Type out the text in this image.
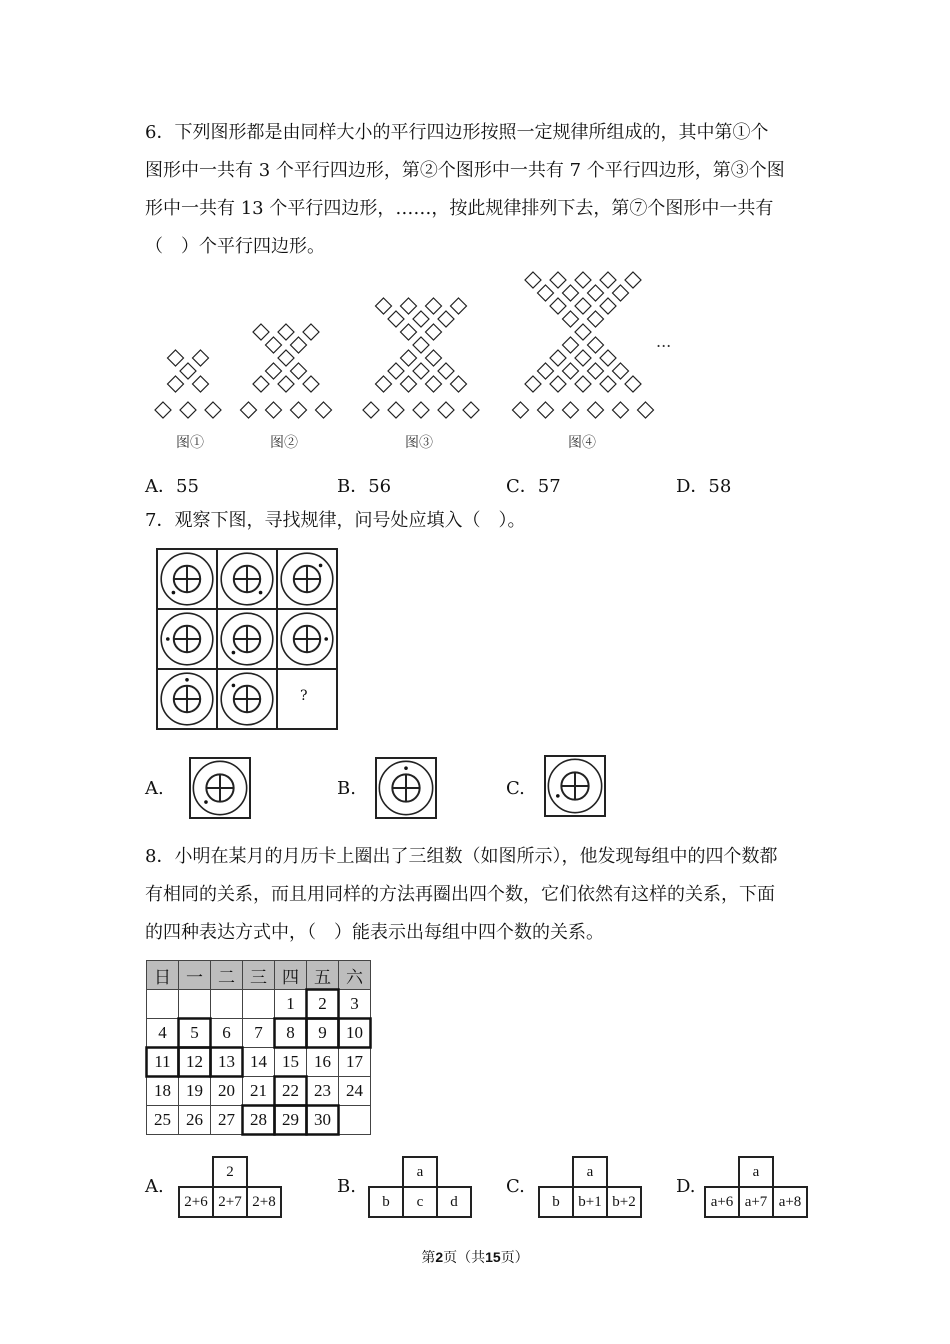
6．下列图形都是由同样大小的平行四边形按照一定规律所组成的，其中第①个
图形中一共有 3 个平行四边形，第②个图形中一共有 7 个平行四边形，第③个图
形中一共有 13 个平行四边形，……，按此规律排列下去，第⑦个图形中一共有
（　）个平行四边形。
图①	图②	图③	图④
...
A．55	B．56	C．57	D．58
7．观察下图，寻找规律，问号处应填入（　）。
?
A.	B.	C.
8．小明在某月的月历卡上圈出了三组数（如图所示），他发现每组中的四个数都
有相同的关系，而且用同样的方法再圈出四个数，它们依然有这样的关系，下面
的四种表达方式中，（　）能表示出每组中四个数的关系。
日	一	二	三	四	五	六
				1	2	3
4	5	6	7	8	9	10
11	12	13	14	15	16	17
18	19	20	21	22	23	24
25	26	27	28	29	30	
A.
2
2+6 2+7 2+8
B.
a
b	c	d
C.
a
b	b+1 b+2
D.
a
a+6 a+7 a+8
第2页（共15页）
